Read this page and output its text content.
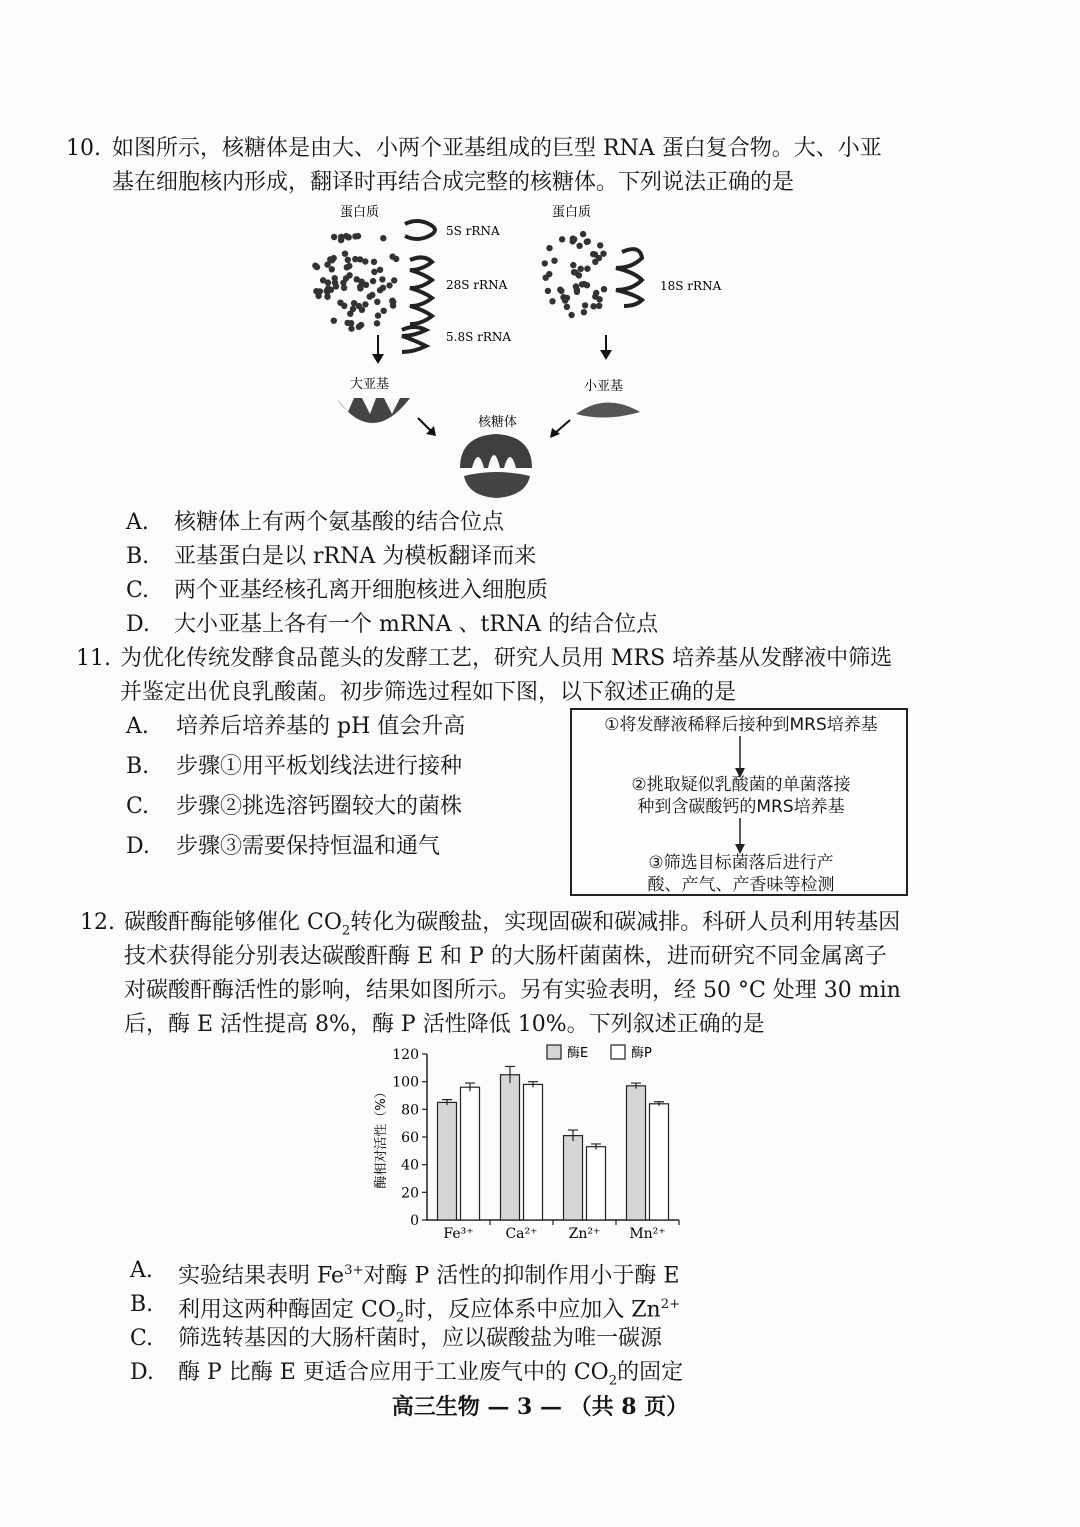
10. 如图所示，核糖体是由大、小两个亚基组成的巨型 RNA 蛋白复合物。大、小亚
基在细胞核内形成，翻译时再结合成完整的核糖体。下列说法正确的是
蛋白质	蛋白质
5S rRNA
28S rRNA
5.8S rRNA
18S rRNA
大亚基	小亚基
核糖体
A. 核糖体上有两个氨基酸的结合位点
B. 亚基蛋白是以 rRNA 为模板翻译而来
C. 两个亚基经核孔离开细胞核进入细胞质
D. 大小亚基上各有一个 mRNA 、tRNA 的结合位点
11. 为优化传统发酵食品蓖头的发酵工艺，研究人员用 MRS 培养基从发酵液中筛选
并鉴定出优良乳酸菌。初步筛选过程如下图，以下叙述正确的是
A. 培养后培养基的 pH 值会升高
B. 步骤①用平板划线法进行接种
C. 步骤②挑选溶钙圈较大的菌株
D. 步骤③需要保持恒温和通气
①将发酵液稀释后接种到MRS培养基
②挑取疑似乳酸菌的单菌落接
种到含碳酸钙的MRS培养基
③筛选目标菌落后进行产
酸、产气、产香味等检测
12. 碳酸酐酶能够催化 $CO_2$转化为碳酸盐，实现固碳和碳减排。科研人员利用转基因
技术获得能分别表达碳酸酐酶 E 和 P 的大肠杆菌菌株，进而研究不同金属离子
对碳酸酐酶活性的影响，结果如图所示。另有实验表明，经 50 °C 处理 30 min
后，酶 E 活性提高 8%，酶 P 活性降低 10%。下列叙述正确的是
酶相对活性（%）
0
20
40
60
80
100
120
Fe³⁺ Ca²⁺ Zn²⁺ Mn²⁺
酶E	酶P
A. 实验结果表明 $Fe^{3+}$对酶 P 活性的抑制作用小于酶 E
B. 利用这两种酶固定 $CO_2$时，反应体系中应加入 $Zn^{2+}$
C. 筛选转基因的大肠杆菌时，应以碳酸盐为唯一碳源
D. 酶 P 比酶 E 更适合应用于工业废气中的 $CO_2$的固定
高三生物 — 3 — （共 8 页）
